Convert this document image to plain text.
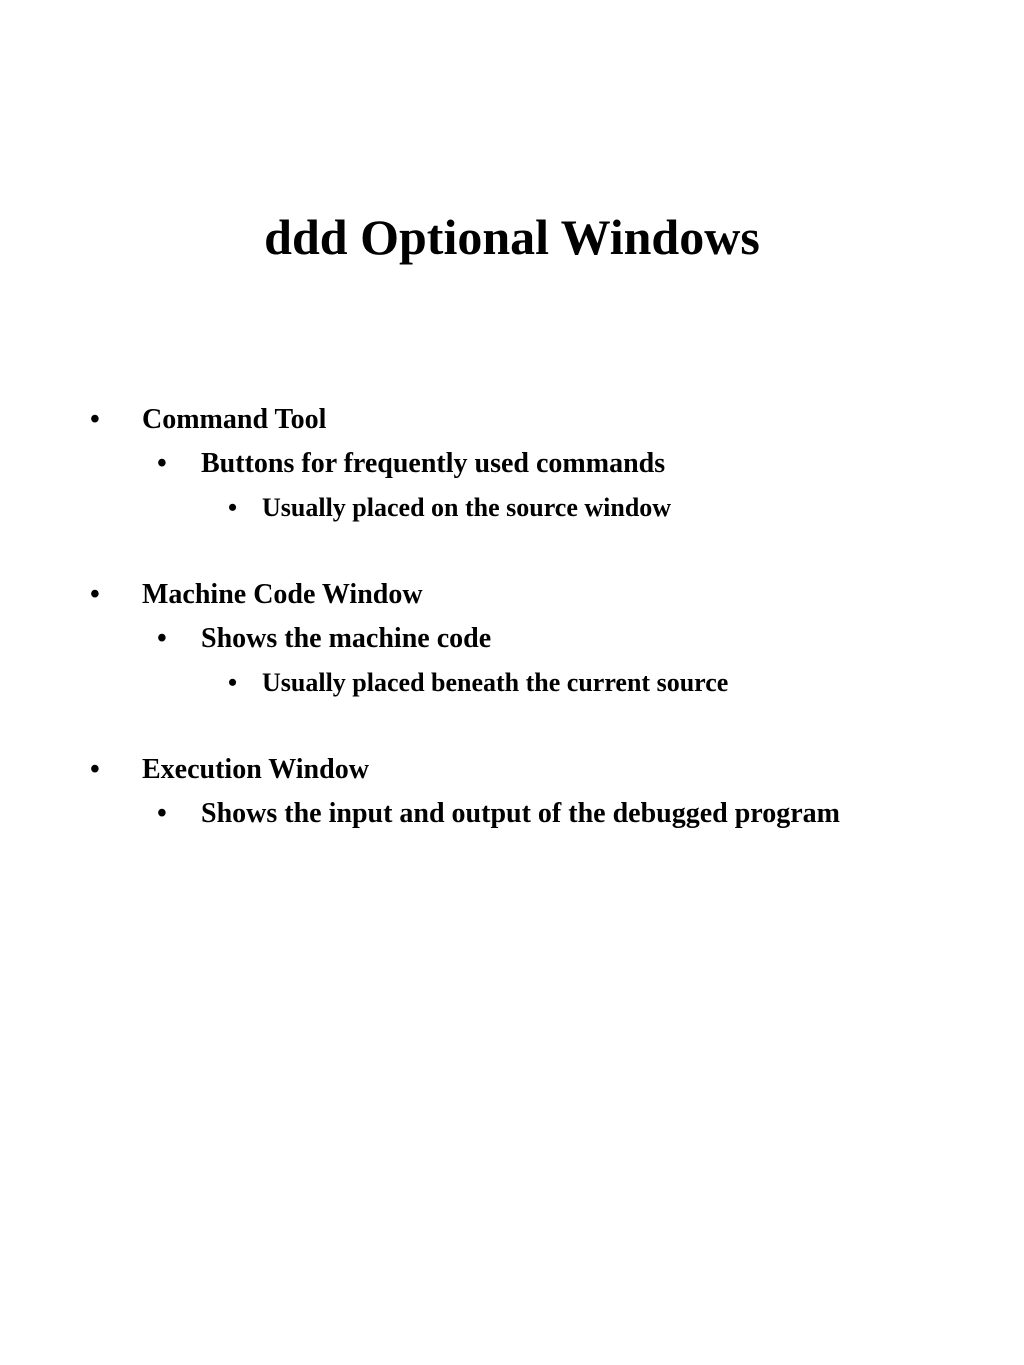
ddd Optional Windows
• Command Tool
• Buttons for frequently used commands
• Usually placed on the source window
• Machine Code Window
• Shows the machine code
• Usually placed beneath the current source
• Execution Window
• Shows the input and output of the debugged program
